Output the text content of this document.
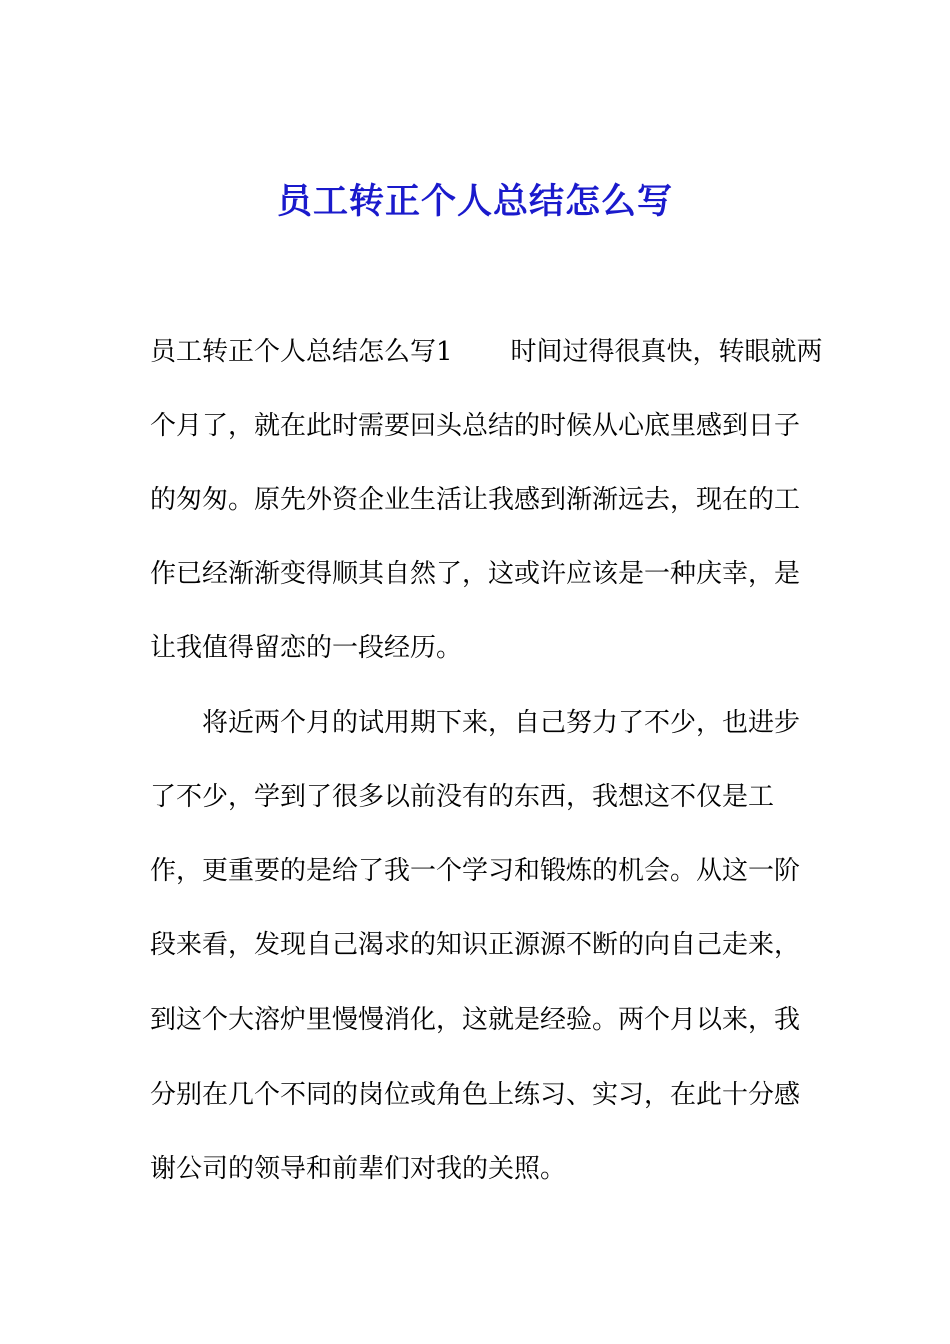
员工转正个人总结怎么写

员工转正个人总结怎么写1 时间过得很真快，转眼就两

个月了，就在此时需要回头总结的时候从心底里感到日子

的匆匆。原先外资企业生活让我感到渐渐远去，现在的工

作已经渐渐变得顺其自然了，这或许应该是一种庆幸，是

让我值得留恋的一段经历。

将近两个月的试用期下来，自己努力了不少，也进步

了不少，学到了很多以前没有的东西，我想这不仅是工

作，更重要的是给了我一个学习和锻炼的机会。从这一阶

段来看，发现自己渴求的知识正源源不断的向自己走来，

到这个大溶炉里慢慢消化，这就是经验。两个月以来，我

分别在几个不同的岗位或角色上练习、实习，在此十分感

谢公司的领导和前辈们对我的关照。
